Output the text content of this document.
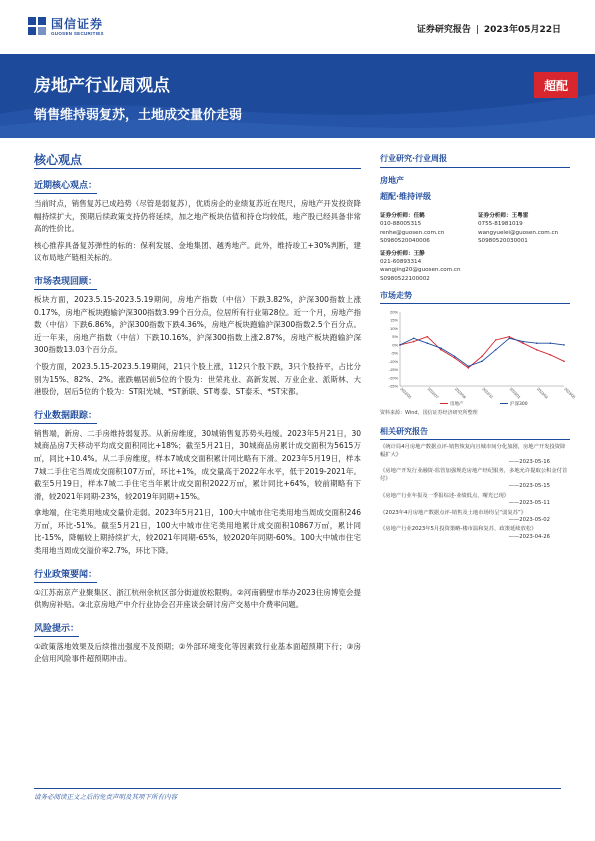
国信证券
GUOSEN SECURITIES	证券研究报告 | 2023年05月22日
房地产行业周观点
销售维持弱复苏，土地成交量价走弱
超配
核心观点
近期核心观点：

当前时点，销售复苏已成趋势（尽管是弱复苏），优质房企的业绩复苏近在咫尺，房地产开发投资降幅持续扩大，预期后续政策支持仍将延续，加之地产板块估值和持仓均较低，地产股已经具备非常高的性价比。

核心推荐具备复苏弹性的标的：保利发展、金地集团、越秀地产。此外，维持竣工+30%判断，建议布局地产链相关标的。

市场表现回顾：

板块方面，2023.5.15-2023.5.19期间，房地产指数（中信）下跌3.82%，沪深300指数上涨0.17%，房地产板块跑输沪深300指数3.99个百分点，位居所有行业第28位。近一个月，房地产指数（中信）下跌6.86%，沪深300指数下跌4.36%，房地产板块跑输沪深300指数2.5个百分点。近一年来，房地产指数（中信）下跌10.16%，沪深300指数上涨2.87%，房地产板块跑输沪深300指数13.03个百分点。

个股方面，2023.5.15-2023.5.19期间，21只个股上涨，112只个股下跌，3只个股持平，占比分别为15%、82%、2%。涨跌幅居前5位的个股为：世荣兆业、高新发展、万业企业、派斯林、大港股份，居后5位的个股为：ST阳光城、*ST新联、ST粤泰、ST泰禾、*ST宋都。

行业数据跟踪：

销售端，新房、二手房维持弱复苏。从新房维度，30城销售复苏势头趋缓。2023年5月21日，30城商品房7天移动平均成交面积同比+18%；截至5月21日，30城商品房累计成交面积为5615万㎡，同比+10.4%。从二手房维度，样本7城成交面积累计同比略有下滑。2023年5月19日，样本7城二手住宅当周成交面积107万㎡，环比+1%，成交量高于2022年水平，低于2019-2021年。截至5月19日，样本7城二手住宅当年累计成交面积2022万㎡，累计同比+64%，较前期略有下滑，较2021年同期-23%，较2019年同期+15%。

拿地端，住宅类用地成交量价走弱。2023年5月21日，100大中城市住宅类用地当周成交面积246万㎡，环比-51%。截至5月21日，100大中城市住宅类用地累计成交面积10867万㎡，累计同比-15%，降幅较上期持续扩大，较2021年同期-65%，较2020年同期-60%。100大中城市住宅类用地当周成交溢价率2.7%，环比下降。

行业政策要闻：

①江苏南京产业聚集区、浙江杭州余杭区部分街道放松限购。②河南鹤壁市举办2023住房博览会提供购房补贴。③北京房地产中介行业协会召开座谈会研讨房产交易中介费率问题。

风险提示：

①政策落地效果及后续推出强度不及预期；②外部环境变化等因素致行业基本面超预期下行；③房企信用风险事件超预期冲击。

行业研究·行业周报
房地产
超配·维持评级
证券分析师：任鹤
010-88005315
renhe@guosen.com.cn
S0980520040006
证券分析师：王粤雷
0755-81981019
wangyuelei@guosen.com.cn
S0980520030001
证券分析师：王静
021-60893314
wangjing20@guosen.com.cn
S0980522100002
市场走势
20%
15%
10%
5%
0%
-5%
-10%
-15%
-20%
-25%
2022/05	2022/07	2022/09	2022/11	2023/01	2023/03	2023/05
房地产	沪深300
资料来源：Wind、国信证券经济研究所整理
相关研究报告
《统计局4月房地产数据点评-销售恢复向且城市间分化加剧，房地产开发投资降幅扩大》
——2023-05-16
《房地产开发行业融资-监管加强规范房地产经纪服务，多地允许提取公积金付首付》
——2023-05-15
《房地产行业年报及一季报综述-业绩低点，曙光已现》
——2023-05-11
《2023年4月房地产数据点评-销售及土地市场均呈“弱复苏”》
——2023-05-02
《房地产行业2023年5月投资策略-楼市温和复苏，政策延续放松》
——2023-04-26
请务必阅读正文之后的免责声明及其项下所有内容
